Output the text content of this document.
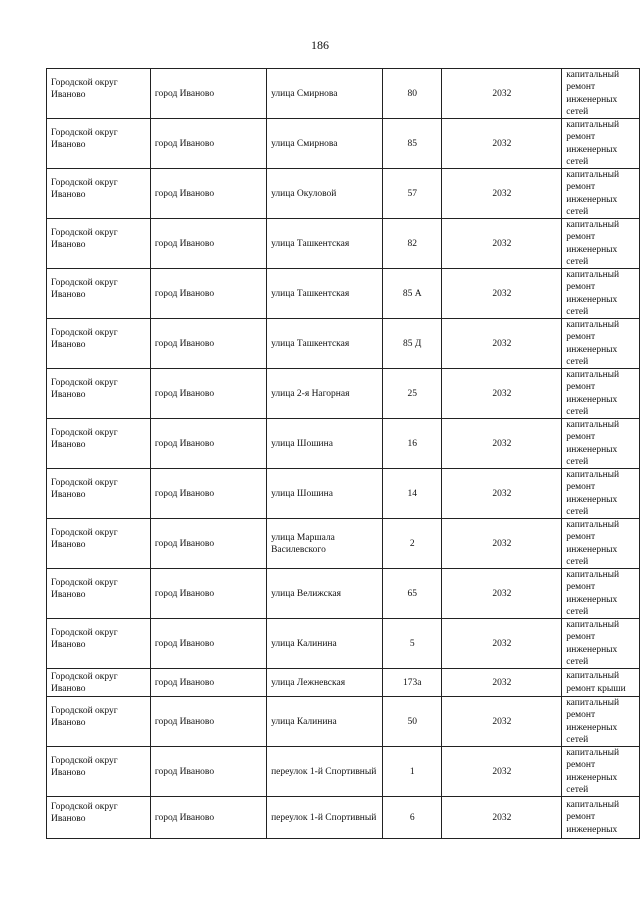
186
Городской округ Иваново	город Иваново	улица Смирнова	80	2032	капитальный ремонт инженерных сетей

Городской округ Иваново	город Иваново	улица Смирнова	85	2032	капитальный ремонт инженерных сетей

Городской округ Иваново	город Иваново	улица Окуловой	57	2032	капитальный ремонт инженерных сетей

Городской округ Иваново	город Иваново	улица Ташкентская	82	2032	капитальный ремонт инженерных сетей

Городской округ Иваново	город Иваново	улица Ташкентская	85 А	2032	капитальный ремонт инженерных сетей

Городской округ Иваново	город Иваново	улица Ташкентская	85 Д	2032	капитальный ремонт инженерных сетей

Городской округ Иваново	город Иваново	улица 2-я Нагорная	25	2032	капитальный ремонт инженерных сетей

Городской округ Иваново	город Иваново	улица Шошина	16	2032	капитальный ремонт инженерных сетей

Городской округ Иваново	город Иваново	улица Шошина	14	2032	капитальный ремонт инженерных сетей

Городской округ Иваново	город Иваново	улица Маршала Василевского	2	2032	капитальный ремонт инженерных сетей

Городской округ Иваново	город Иваново	улица Велижская	65	2032	капитальный ремонт инженерных сетей

Городской округ Иваново	город Иваново	улица Калинина	5	2032	капитальный ремонт инженерных сетей

Городской округ Иваново	город Иваново	улица Лежневская	173а	2032	капитальный ремонт крыши

Городской округ Иваново	город Иваново	улица Калинина	50	2032	капитальный ремонт инженерных сетей

Городской округ Иваново	город Иваново	переулок 1-й Спортивный	1	2032	капитальный ремонт инженерных сетей

Городской округ Иваново	город Иваново	переулок 1-й Спортивный	6	2032	капитальный ремонт инженерных
